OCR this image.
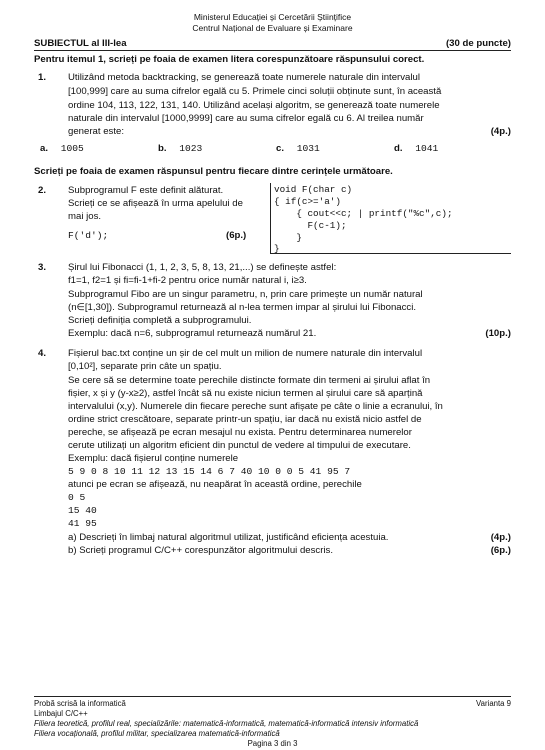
Ministerul Educației și Cercetării Științifice
Centrul Național de Evaluare și Examinare
SUBIECTUL al III-lea	(30 de puncte)
Pentru itemul 1, scrieți pe foaia de examen litera corespunzătoare răspunsului corect.
1. Utilizând metoda backtracking, se generează toate numerele naturale din intervalul
[100,999] care au suma cifrelor egală cu 5. Primele cinci soluții obținute sunt, în această
ordine 104, 113, 122, 131, 140. Utilizând același algoritm, se generează toate numerele
naturale din intervalul [1000,9999] care au suma cifrelor egală cu 6. Al treilea număr
generat este:	(4p.)
a. 1005	b. 1023	c. 1031	d. 1041
Scrieți pe foaia de examen răspunsul pentru fiecare dintre cerințele următoare.
2. Subprogramul F este definit alăturat.
Scrieți ce se afișează în urma apelului de
mai jos.
F('d');	(6p.)
void F(char c)
{ if(c>='a')
{ cout<<c; | printf("%c",c);
F(c-1);
}
}
3. Șirul lui Fibonacci (1, 1, 2, 3, 5, 8, 13, 21,...) se definește astfel:
f1=1, f2=1 și fi=fi-1+fi-2 pentru orice număr natural i, i≥3.
Subprogramul Fibo are un singur parametru, n, prin care primește un număr natural
(n∈[1,30]). Subprogramul returnează al n-lea termen impar al șirului lui Fibonacci.
Scrieți definiția completă a subprogramului.
Exemplu: dacă n=6, subprogramul returnează numărul 21.	(10p.)
4. Fișierul bac.txt conține un șir de cel mult un milion de numere naturale din intervalul
[0,10²], separate prin câte un spațiu.
Se cere să se determine toate perechile distincte formate din termeni ai șirului aflat în
fișier, x și y (y-x≥2), astfel încât să nu existe niciun termen al șirului care să aparțină
intervalului (x,y). Numerele din fiecare pereche sunt afișate pe câte o linie a ecranului, în
ordine strict crescătoare, separate printr-un spațiu, iar dacă nu există nicio astfel de
pereche, se afișează pe ecran mesajul nu exista. Pentru determinarea numerelor
cerute utilizați un algoritm eficient din punctul de vedere al timpului de executare.
Exemplu: dacă fișierul conține numerele
5 9 0 8 10 11 12 13 15 14 6 7 40 10 0 0 5 41 95 7
atunci pe ecran se afișează, nu neapărat în această ordine, perechile
0 5
15 40
41 95
a) Descrieți în limbaj natural algoritmul utilizat, justificând eficiența acestuia.	(4p.)
b) Scrieți programul C/C++ corespunzător algoritmului descris.	(6p.)
Probă scrisă la informatică	Varianta 9
Limbajul C/C++
Filiera teoretică, profilul real, specializările: matematică-informatică, matematică-informatică intensiv informatică
Filiera vocațională, profilul militar, specializarea matematică-informatică
Pagina 3 din 3
